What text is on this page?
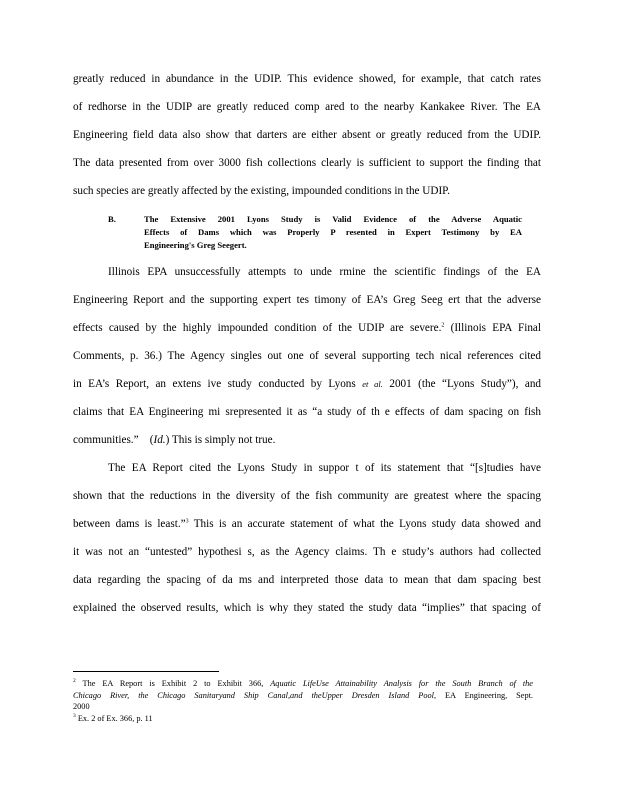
greatly reduced in abundance in the UDIP. This evidence showed, for example, that catch rates
of redhorse in the UDIP are greatly reduced comp ared to the nearby Kankakee River. The EA
Engineering field data also show that darters are either absent or greatly reduced from the UDIP.
The data presented from over 3000 fish collections clearly is sufficient to support the finding that
such species are greatly affected by the existing, impounded conditions in the UDIP.
B.	The Extensive 2001 Lyons Study is Valid Evidence of the Adverse Aquatic
Effects of Dams which was Properly P resented in Expert Testimony by EA
Engineering's Greg Seegert.
Illinois EPA unsuccessfully attempts to unde rmine the scientific findings of the EA
Engineering Report and the supporting expert tes timony of EA’s Greg Seeg ert that the adverse
effects caused by the highly impounded condition of the UDIP are severe.$^2$ (Illinois EPA Final
Comments, p. 36.) The Agency singles out one of several supporting tech nical references cited
in EA’s Report, an extens ive study conducted by Lyons et al. 2001 (the “Lyons Study”), and
claims that EA Engineering mi srepresented it as “a study of th e effects of dam spacing on fish
communities.”    (Id.) This is simply not true.
The EA Report cited the Lyons Study in suppor t of its statement that “[s]tudies have
shown that the reductions in the diversity of the fish community are greatest where the spacing
between dams is least.”$^3$ This is an accurate statement of what the Lyons study data showed and
it was not an “untested” hypothesi s, as the Agency claims. Th e study’s authors had collected
data regarding the spacing of da ms and interpreted those data to mean that dam spacing best
explained the observed results, which is why they stated the study data “implies” that spacing of
$^2$ The EA Report is Exhibit 2 to Exhibit 366, Aquatic LifeUse Attainability Analysis for the South Branch of the
Chicago River, the Chicago Sanitaryand Ship Canal,and theUpper Dresden Island Pool, EA Engineering, Sept.
2000
$^3$ Ex. 2 of Ex. 366, p. 11
